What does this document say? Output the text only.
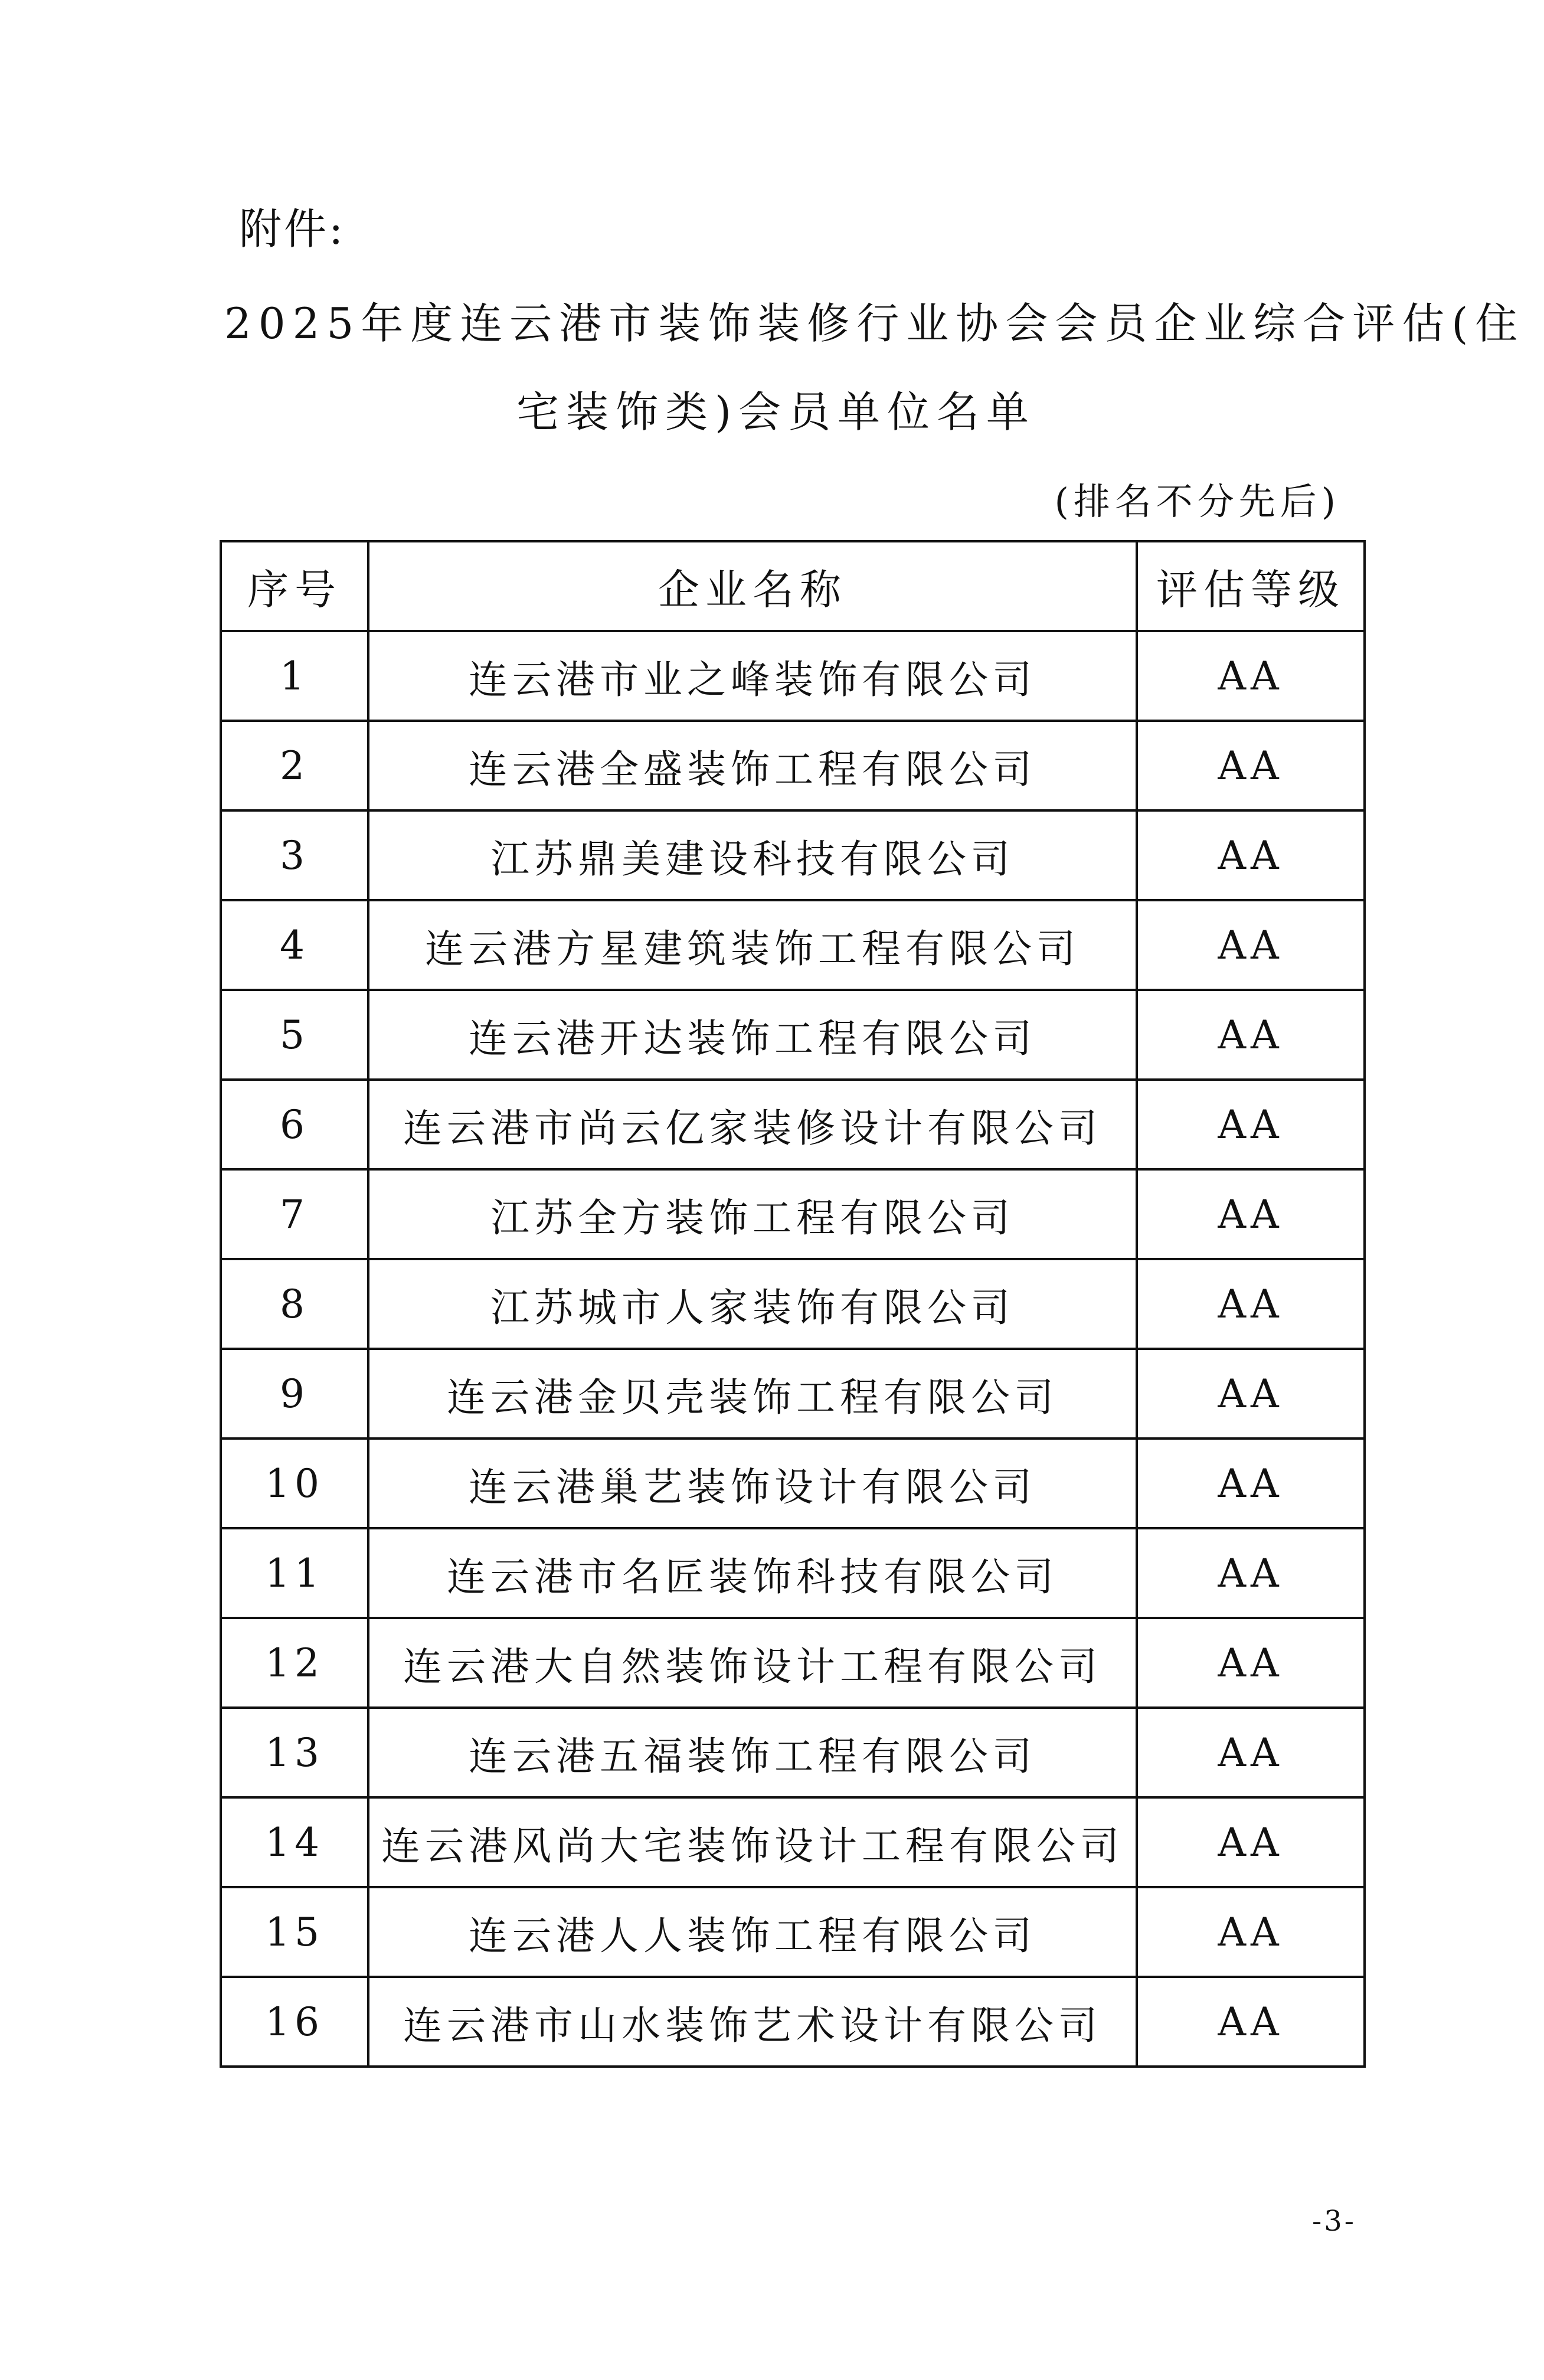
附件:
2025年度连云港市装饰装修行业协会会员企业综合评估(住
宅装饰类)会员单位名单
(排名不分先后)
序号	企业名称	评估等级
1	连云港市业之峰装饰有限公司	AA
2	连云港全盛装饰工程有限公司	AA
3	江苏鼎美建设科技有限公司	AA
4	连云港方星建筑装饰工程有限公司	AA
5	连云港开达装饰工程有限公司	AA
6	连云港市尚云亿家装修设计有限公司	AA
7	江苏全方装饰工程有限公司	AA
8	江苏城市人家装饰有限公司	AA
9	连云港金贝壳装饰工程有限公司	AA
10	连云港巢艺装饰设计有限公司	AA
11	连云港市名匠装饰科技有限公司	AA
12	连云港大自然装饰设计工程有限公司	AA
13	连云港五福装饰工程有限公司	AA
14	连云港风尚大宅装饰设计工程有限公司	AA
15	连云港人人装饰工程有限公司	AA
16	连云港市山水装饰艺术设计有限公司	AA
-3-
